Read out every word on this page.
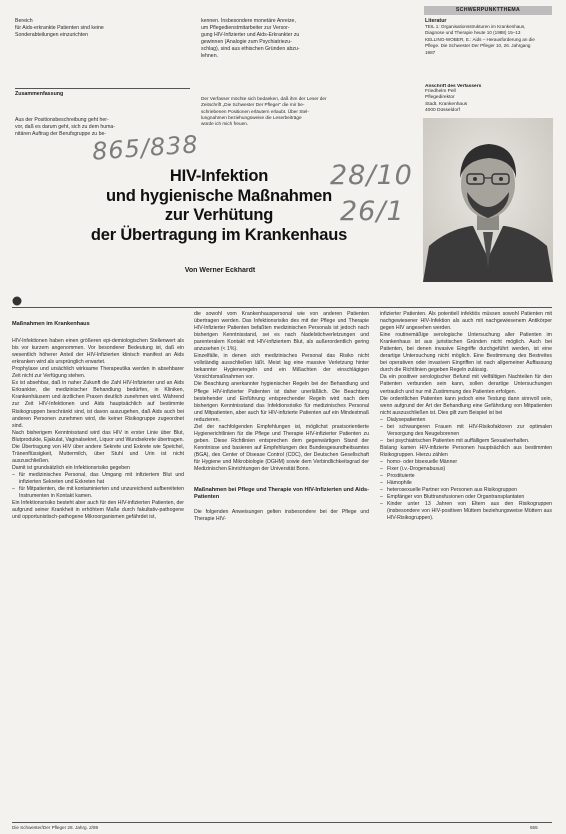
SCHWERPUNKTTHEMA
Bereich
für Aids-erkrankte Patienten sind keine
Sonderabteilungen einzurichten
Zusammenfassung
Aus der Positionsbeschreibung geht her-
vor, daß es darum geht, sich zu dem huma-
nitären Auftrag der Berufsgruppe zu be-
kennen. Insbesondere monetäre Anreize,
um Pflegedienstmitarbeiter zur Versor-
gung HIV-Infizierter und Aids-Erkrankter zu
gewinnen (Analogie zum Psychiatriezu-
schlag), sind aus ethischen Gründen abzu-
lehnen.
Der Verfasser möchte sich bedanken, daß ihm der Leser der
Zeitschrift „Die Schwester Der Pfleger“ die mir be-
schriebenen Positionen erläutern erlaubt. Über Stel-
lungnahmen beziehungsweise die Leserbeiträge
würde ich mich freuen.
Literatur
TEIL 1: Organisationsstrukturen im Krankenhaus,
Diagnose und Therapie heute 10 (1988) 15–13
KELLING-WOBER, E.: Aids – Herausforderung an die
Pflege. Die Schwester Der Pfleger 10, 26. Jahrgang
1987
Anschrift des Verfassers
Friedhelm Pell
Pflegedirektor
Stadt. Krankenhaus
4000 Düsseldorf
865/838
28/10
26/1

HIV-Infektion

und hygienische Maßnahmen

zur Verhütung

der Übertragung im Krankenhaus

Von Werner Eckhardt
Maßnahmen im Krankenhaus

HIV-Infektionen haben einen größeren epi-demiologischen Stellenwert als bis vor kurzem angenommen. Vor besonderer Bedeutung ist, daß ein wesentlich höherer Anteil der HIV-Infizierten klinisch manifest an Aids erkranken wird als ursprünglich erwartet.

Prophylaxe und ursächlich wirksame Therapeutika werden in absehbarer Zeit nicht zur Verfügung stehen.

Es ist absehbar, daß in naher Zukunft die Zahl HIV-Infizierter und an Aids Erkrankter, die medizinischer Behandlung bedürfen, in Kliniken, Krankenhäusern und ärztlichen Praxen deutlich zunehmen wird. Während zur Zeit HIV-Infektionen und Aids hauptsächlich auf bestimmte Risikogruppen beschränkt sind, ist davon auszugehen, daß Aids auch bei anderen Personen zunehmen wird, die keiner Risikogruppe zugeordnet sind.

Nach bisherigem Kenntnisstand wird das HIV in erster Linie über Blut, Blutprodukte, Ejakulat, Vaginalsekret, Liquor und Wundsekrete übertragen. Die Übertragung von HIV über andere Sekrete und Exkrete wie Speichel, Tränenflüssigkeit, Muttermilch, über Stuhl und Urin ist nicht auszuschließen.

Damit ist grundsätzlich ein Infektionsrisiko gegeben

– für medizinisches Personal, das Umgang mit infiziertem Blut und infizierten Sekreten und Exkreten hat
– für Mitpatienten, die mit kontaminierten und unzureichend aufbereiteten Instrumenten in Kontakt kamen.

Ein Infektionsrisiko besteht aber auch für den HIV-infizierten Patienten, der aufgrund seiner Krankheit in erhöhtem Maße durch fakultativ-pathogene und opportunistisch-pathogene Mikroorganismen gefährdet ist,

die sowohl vom Krankenhauspersonal wie von anderen Patienten übertragen werden. Das Infektionsrisiko des mit der Pflege und Therapie HIV-Infizierter Patienten befaßten medizinischen Personals ist jedoch nach bisherigen Kenntnisstand, sei es nach Nadelstichverletzungen und parenteralem Kontakt mit HIV-infiziertem Blut, als außerordentlich gering anzusehen (< 1%).

Einzelfälle, in denen sich medizinisches Personal das Risiko nicht vollständig ausschließen läßt. Meist lag eine massive Verletzung hinter bekannter Hygieneregeln und ein Mißachten der einschlägigen Vorsichtsmaßnahmen vor.

Die Beachtung anerkannter hygienischer Regeln bei der Behandlung und Pflege HIV-infizierter Patienten ist daher unerläßlich. Die Beachtung bestehender und Einführung entsprechender Regeln wird nach dem bisherigen Kenntnisstand das Infektionsrisiko für medizinisches Personal und Mitpatienten, aber auch für HIV-infizierte Patienten auf ein Mindestmaß reduzieren.

Ziel der nachfolgenden Empfehlungen ist, möglichst praxisorientierte Hygienerichtlinien für die Pflege und Therapie HIV-infizierter Patienten zu geben. Diese Richtlinien entsprechen dem gegenwärtigen Stand der Kenntnisse und basieren auf Empfehlungen des Bundesgesundheitsamtes (BGA), des Center of Disease Control (CDC), der Deutschen Gesellschaft für Hygiene und Mikrobiologie (DGHM) sowie dem Verbindlichkeitsgrad der Medizinischen Einrichtungen der Universität Bonn.

Maßnahmen bei Pflege und Therapie von HIV-Infizierten und Aids-Patienten

Die folgenden Anweisungen gelten insbesondere bei der Pflege und Therapie HIV-

infizierter Patienten. Als potentiell infektiös müssen sowohl Patienten mit nachgewiesener HIV-Infektion als auch mit nachgewiesenem Antikörper gegen HIV angesehen werden.

Eine routinemäßige serologische Untersuchung aller Patienten im Krankenhaus ist aus juristischen Gründen nicht möglich. Auch bei Patienten, bei denen invasive Eingriffe durchgeführt werden, ist eine derartige Untersuchung nicht möglich. Eine Bestimmung des Bestreites bei operativen oder invasiven Eingriffen ist nach allgemeiner Auffassung durch die Richtlinien gegeben Regeln zulässig.

Da ein positiver serologischer Befund mit vielfältigen Nachteilen für den Patienten verbunden sein kann, sollen derartige Untersuchungen vertraulich und nur mit Zustimmung des Patienten erfolgen.

Die ordentlichen Patienten kann jedoch eine Testung dann sinnvoll sein, wenn aufgrund der Art der Behandlung eine Gefährdung von Mitpatienten nicht auszuschließen ist. Dies gilt zum Beispiel ist bei

– Dialysepatienten
– bei schwangeren Frauen mit HIV-Risikofaktoren zur optimalen Versorgung des Neugeborenen
– bei psychiatrischen Patienten mit auffälligem Sexualverhalten.

Bislang kamen HIV-infizierte Personen hauptsächlich aus bestimmten Risikogruppen. Hierzu zählen

– homo- oder bisexuelle Männer
– Fixer (i.v.-Drogenabusus)
– Prostituierte
– Hämophile
– heterosexuelle Partner von Personen aus Risikogruppen
– Empfänger von Bluttransfusionen oder Organtransplantaten
– Kinder unter 13 Jahren von Eltern aus den Risikogruppen (insbesondere von HIV-positiven Müttern beziehungsweise Müttern aus HIV-Risikogruppen).
Die Schwester/Der Pfleger 28. Jahrg. 2/89	655
